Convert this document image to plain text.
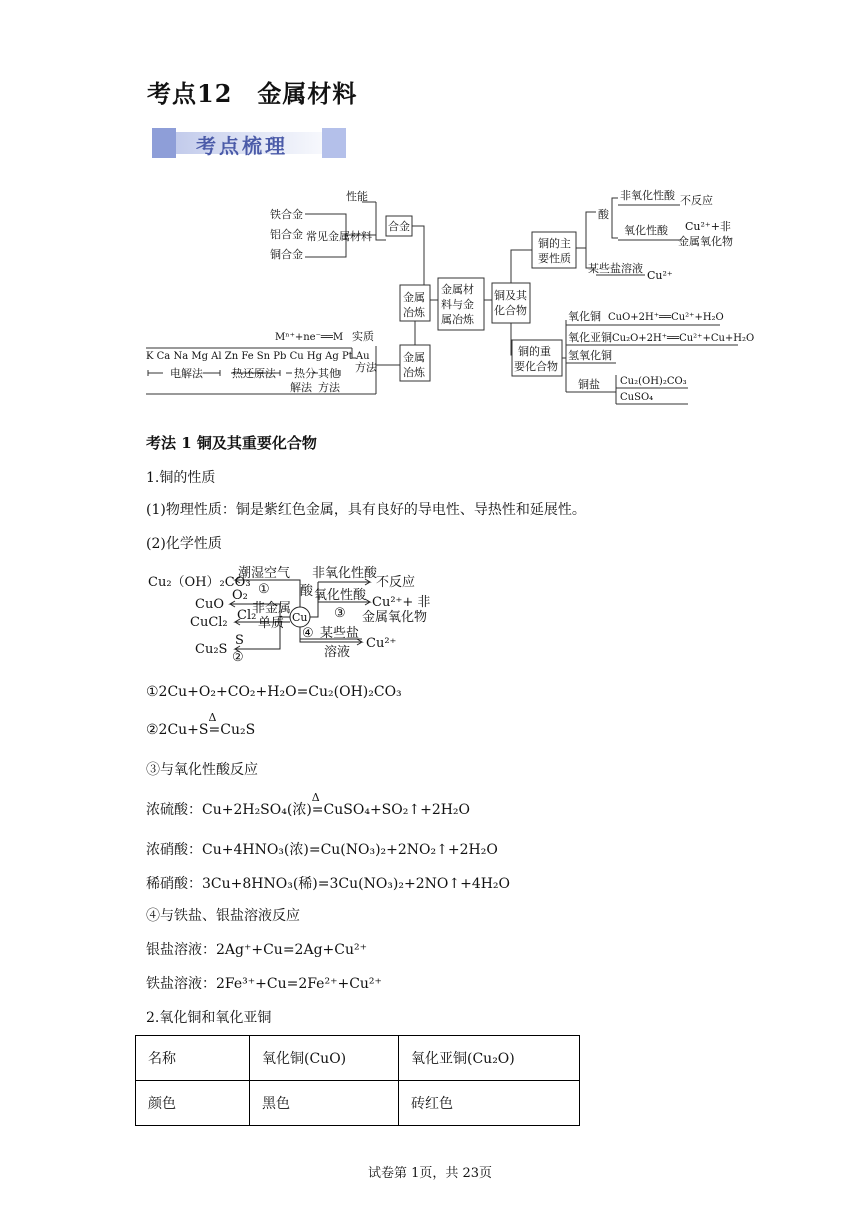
考点12　金属材料
考点梳理
性能
铁合金
铝合金
铜合金
常见金属材料
合金
金属
冶炼
金属材
料与金
属冶炼
铜及其
化合物
铜的主
要性质
酸
非氧化性酸 不反应
氧化性酸 Cu²⁺+非
金属氧化物
某些盐溶液
Cu²⁺
铜的重
要化合物
氧化铜 CuO+2H⁺══Cu²⁺+H₂O
氧化亚铜 Cu₂O+2H⁺══Cu²⁺+Cu+H₂O
氢氧化铜
铜盐 Cu₂(OH)₂CO₃
CuSO₄
Mⁿ⁺+ne⁻══M 实质
K Ca Na Mg Al Zn Fe Sn Pb Cu Hg Ag Pt Au
电解法	热还原法 热分
解法
其他
方法
方法
金属
冶炼
考法 1 铜及其重要化合物
1.铜的性质
(1)物理性质：铜是紫红色金属，具有良好的导电性、导热性和延展性。
(2)化学性质
Cu₂（OH）₂CO₃
潮湿空气
O₂ ①
CuO
CuCl₂ Cl₂
非金属
单质
S
Cu₂S
②
Cu
酸
非氧化性酸
不反应
氧化性酸
③
Cu²⁺+ 非
金属氧化物
④ 某些盐
溶液
Cu²⁺
①2Cu+O₂+CO₂+H₂O=Cu₂(OH)₂CO₃
②2Cu+S
Δ
=Cu₂S
③与氧化性酸反应
浓硫酸：Cu+2H₂SO₄(浓)
Δ
=CuSO₄+SO₂↑+2H₂O
浓硝酸：Cu+4HNO₃(浓)=Cu(NO₃)₂+2NO₂↑+2H₂O
稀硝酸：3Cu+8HNO₃(稀)=3Cu(NO₃)₂+2NO↑+4H₂O
④与铁盐、银盐溶液反应
银盐溶液：2Ag⁺+Cu=2Ag+Cu²⁺
铁盐溶液：2Fe³⁺+Cu=2Fe²⁺+Cu²⁺
2.氧化铜和氧化亚铜
名称	氧化铜(CuO)	氧化亚铜(Cu₂O)
颜色	黑色	砖红色
试卷第 1页，共 23页
